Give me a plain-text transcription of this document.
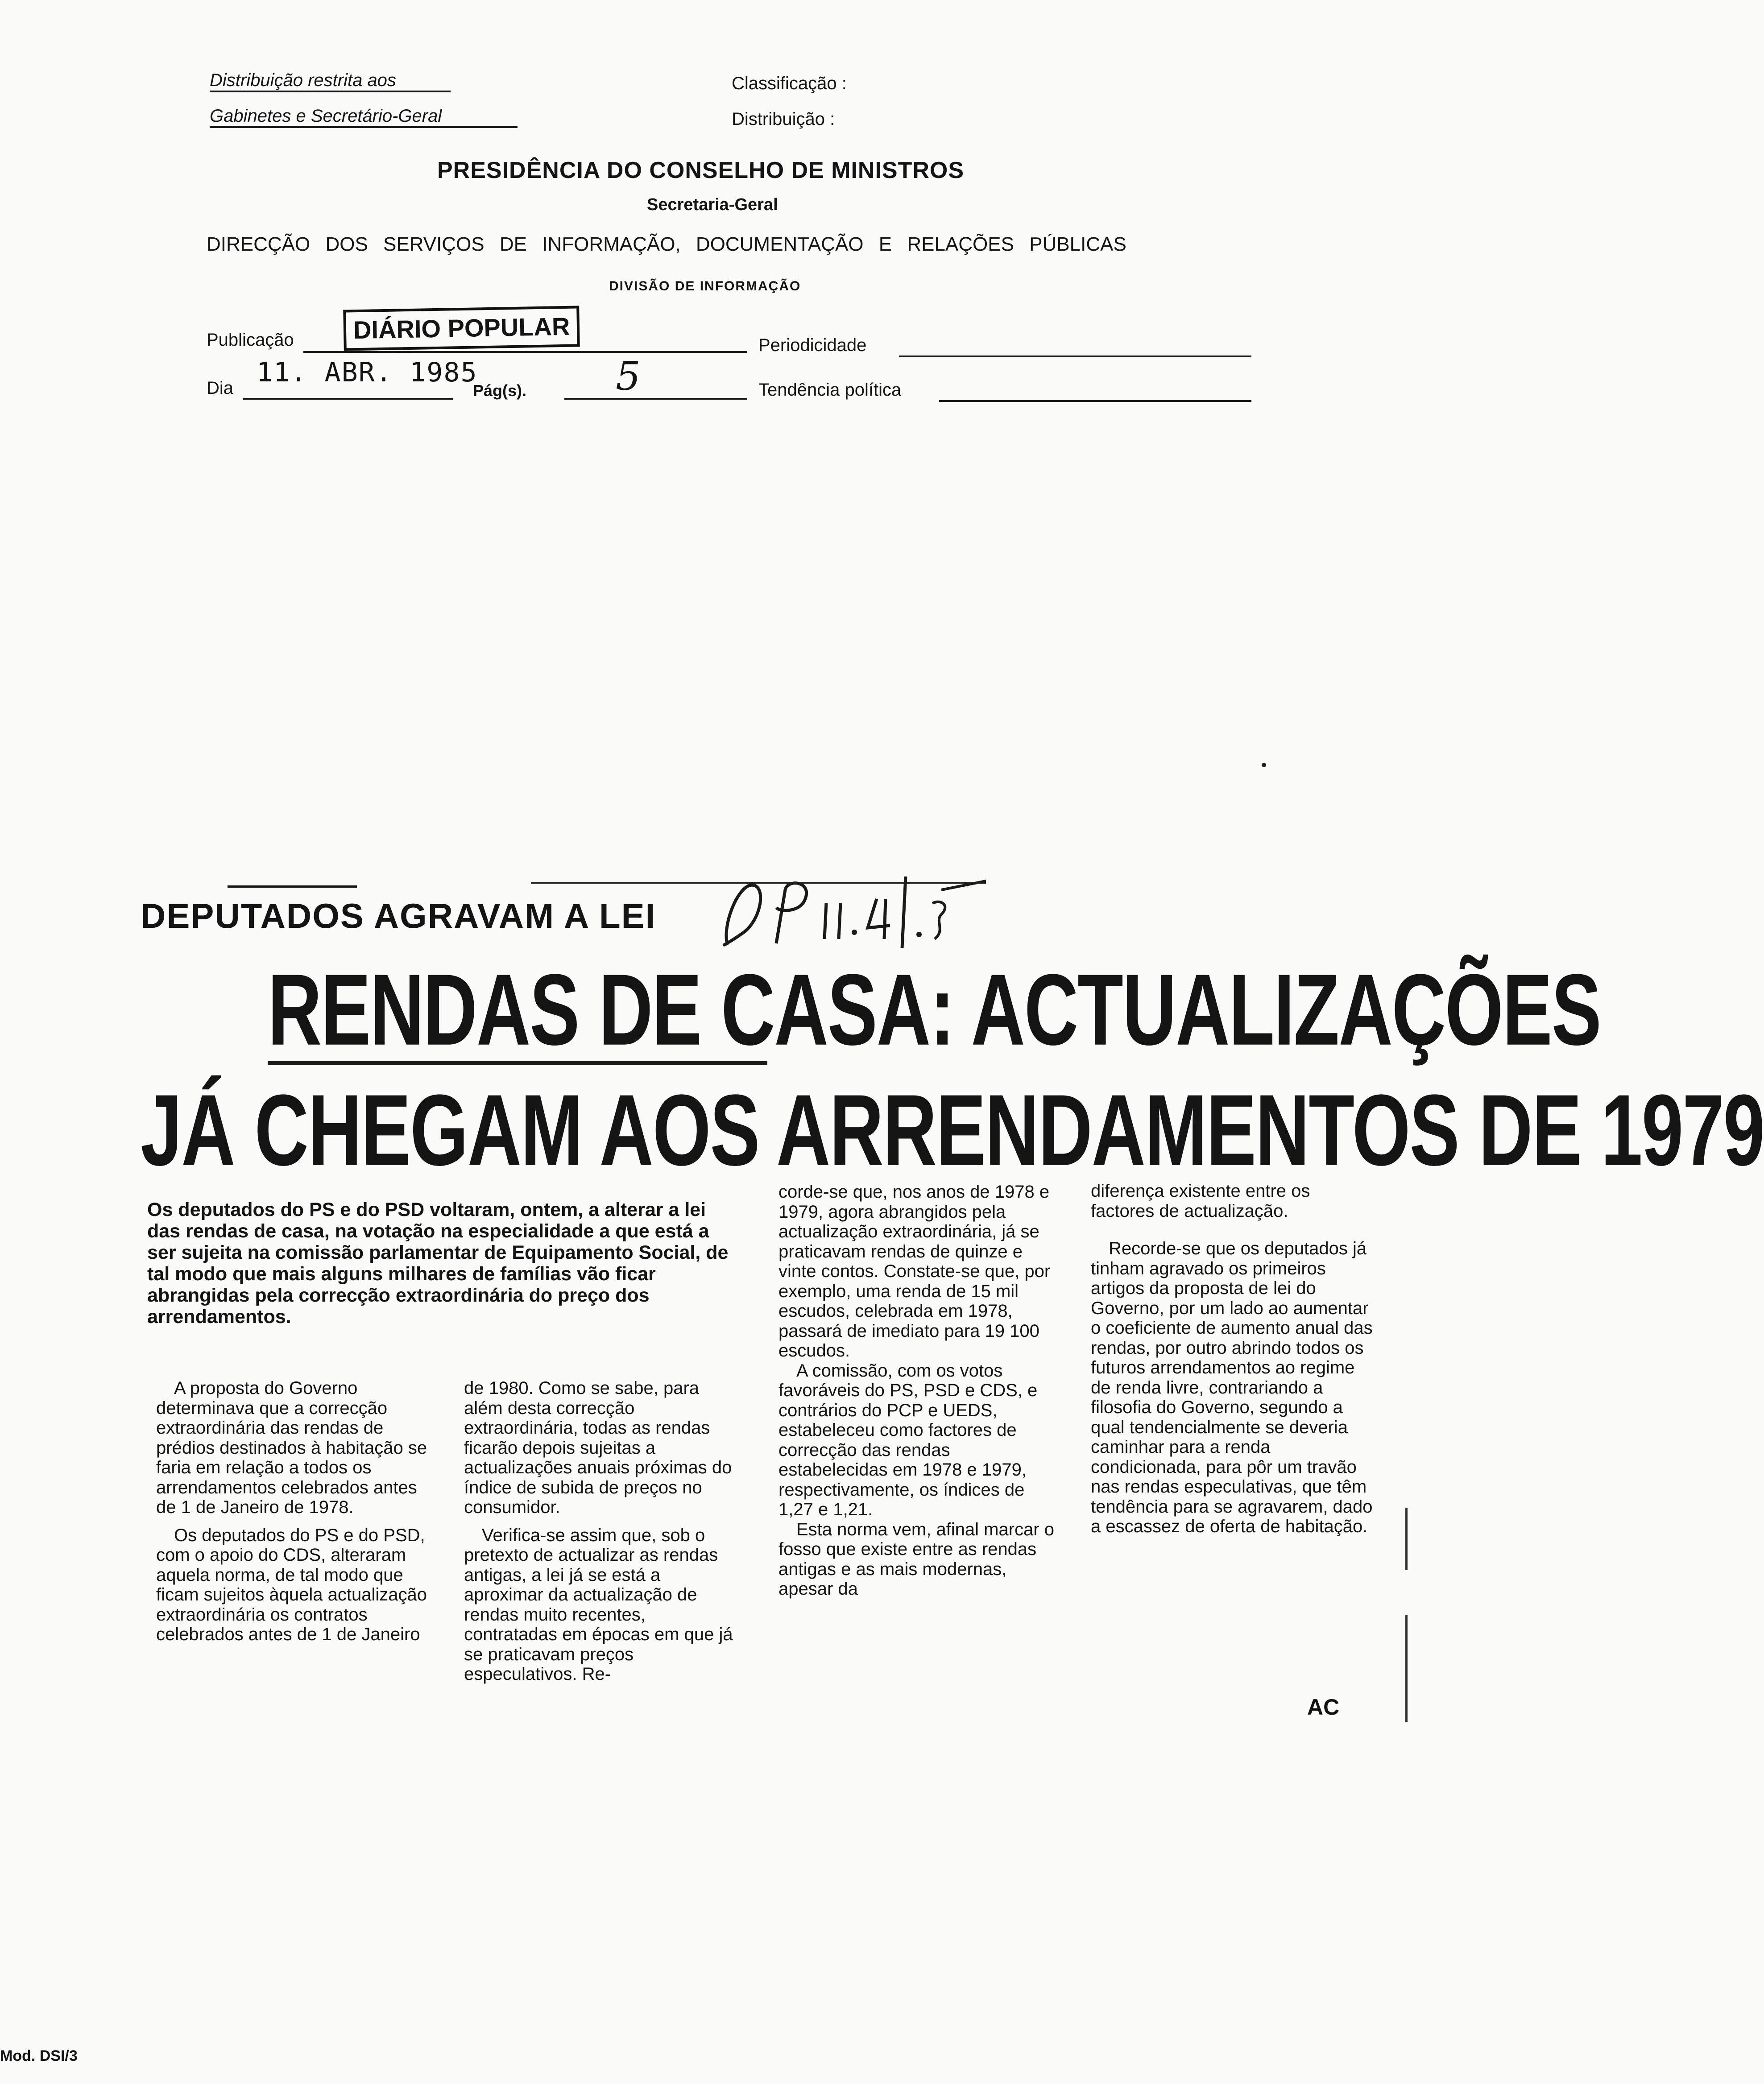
Distribuição restrita aos
Gabinetes e Secretário-Geral
Classificação :
Distribuição :
PRESIDÊNCIA DO CONSELHO DE MINISTROS
Secretaria-Geral
DIRECÇÃO DOS SERVIÇOS DE INFORMAÇÃO, DOCUMENTAÇÃO E RELAÇÕES PÚBLICAS
DIVISÃO DE INFORMAÇÃO
Publicação	DIÁRIO POPULAR
Periodicidade
Dia 11. ABR. 1985
Pág(s). 5	Tendência política
DEPUTADOS AGRAVAM A LEI
RENDAS DE CASA: ACTUALIZAÇÕES
JÁ CHEGAM AOS ARRENDAMENTOS DE 1979
Os deputados do PS e do PSD voltaram, ontem, a alterar a lei das rendas de casa, na votação na especialidade a que está a ser sujeita na comissão parlamentar de Equipamento Social, de tal modo que mais alguns milhares de famílias vão ficar abrangidas pela correcção extraordinária do preço dos arrendamentos.

A proposta do Governo determinava que a correcção extraordinária das rendas de prédios destinados à habitação se faria em relação a todos os arrendamentos celebrados antes de 1 de Janeiro de 1978.

Os deputados do PS e do PSD, com o apoio do CDS, alteraram aquela norma, de tal modo que ficam sujeitos àquela actualização extraordinária os contratos celebrados antes de 1 de Janeiro

de 1980. Como se sabe, para além desta correcção extraordinária, todas as rendas ficarão depois sujeitas a actualizações anuais próximas do índice de subida de preços no consumidor.

Verifica-se assim que, sob o pretexto de actualizar as rendas antigas, a lei já se está a aproximar da actualização de rendas muito recentes, contratadas em épocas em que já se praticavam preços especulativos. Re-

corde-se que, nos anos de 1978 e 1979, agora abrangidos pela actualização extraordinária, já se praticavam rendas de quinze e vinte contos. Constate-se que, por exemplo, uma renda de 15 mil escudos, celebrada em 1978, passará de imediato para 19 100 escudos.

A comissão, com os votos favoráveis do PS, PSD e CDS, e contrários do PCP e UEDS, estabeleceu como factores de correcção das rendas estabelecidas em 1978 e 1979, respectivamente, os índices de 1,27 e 1,21.

Esta norma vem, afinal marcar o fosso que existe entre as rendas antigas e as mais modernas, apesar da

diferença existente entre os factores de actualização.

Recorde-se que os deputados já tinham agravado os primeiros artigos da proposta de lei do Governo, por um lado ao aumentar o coeficiente de aumento anual das rendas, por outro abrindo todos os futuros arrendamentos ao regime de renda livre, contrariando a filosofia do Governo, segundo a qual tendencialmente se deveria caminhar para a renda condicionada, para pôr um travão nas rendas especulativas, que têm tendência para se agravarem, dado a escassez de oferta de habitação.

AC
Mod. DSI/3
